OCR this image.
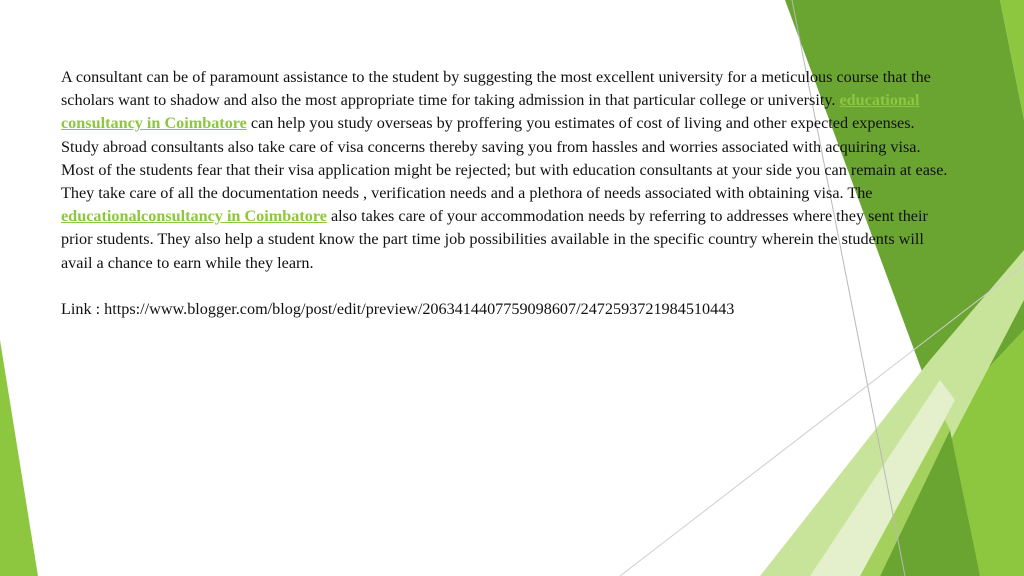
A consultant can be of paramount assistance to the student by suggesting the most excellent university for a meticulous course that the scholars want to shadow and also the most appropriate time for taking admission in that particular college or university. educational consultancy in Coimbatore can help you study overseas by proffering you estimates of cost of living and other expected expenses. Study abroad consultants also take care of visa concerns thereby saving you from hassles and worries associated with acquiring visa. Most of the students fear that their visa application might be rejected; but with education consultants at your side you can remain at ease.

They take care of all the documentation needs , verification needs and a plethora of needs associated with obtaining visa. The educationalconsultancy in Coimbatore also takes care of your accommodation needs by referring to addresses where they sent their prior students. They also help a student know the part time job possibilities available in the specific country wherein the students will avail a chance to earn while they learn.

Link : https://www.blogger.com/blog/post/edit/preview/2063414407759098607/247259372198451044​3
